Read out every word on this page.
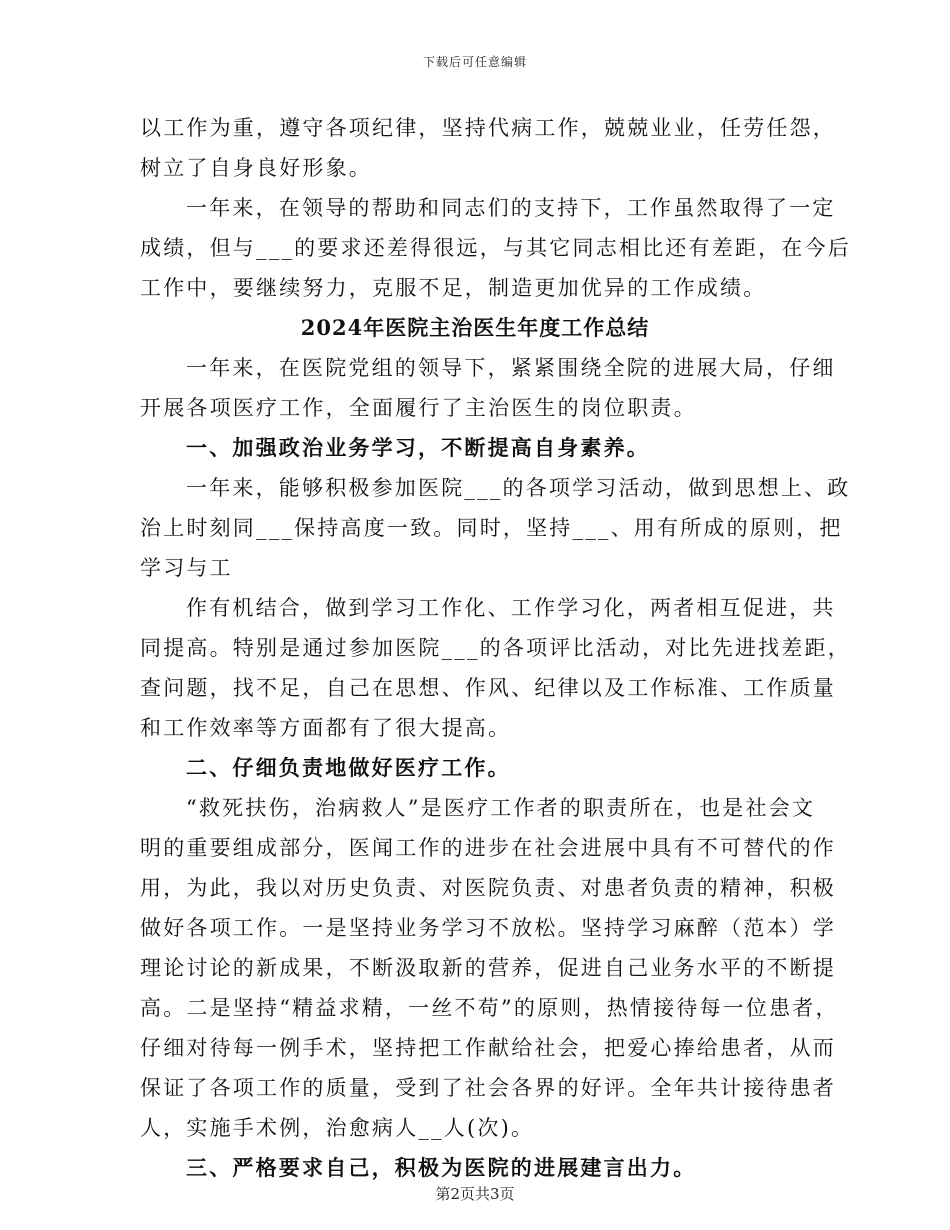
下载后可任意编辑
以工作为重，遵守各项纪律，坚持代病工作，兢兢业业，任劳任怨，
树立了自身良好形象。
一年来，在领导的帮助和同志们的支持下，工作虽然取得了一定
成绩，但与___的要求还差得很远，与其它同志相比还有差距，在今后
工作中，要继续努力，克服不足，制造更加优异的工作成绩。
2024年医院主治医生年度工作总结
一年来，在医院党组的领导下，紧紧围绕全院的进展大局，仔细
开展各项医疗工作，全面履行了主治医生的岗位职责。
一、加强政治业务学习，不断提高自身素养。
一年来，能够积极参加医院___的各项学习活动，做到思想上、政
治上时刻同___保持高度一致。同时，坚持___、用有所成的原则，把
学习与工
作有机结合，做到学习工作化、工作学习化，两者相互促进，共
同提高。特别是通过参加医院___的各项评比活动，对比先进找差距，
查问题，找不足，自己在思想、作风、纪律以及工作标准、工作质量
和工作效率等方面都有了很大提高。
二、仔细负责地做好医疗工作。
“救死扶伤，治病救人”是医疗工作者的职责所在，也是社会文
明的重要组成部分，医闻工作的进步在社会进展中具有不可替代的作
用，为此，我以对历史负责、对医院负责、对患者负责的精神，积极
做好各项工作。一是坚持业务学习不放松。坚持学习麻醉（范本）学
理论讨论的新成果，不断汲取新的营养，促进自己业务水平的不断提
高。二是坚持“精益求精，一丝不苟”的原则，热情接待每一位患者，
仔细对待每一例手术，坚持把工作献给社会，把爱心捧给患者，从而
保证了各项工作的质量，受到了社会各界的好评。全年共计接待患者
人，实施手术例，治愈病人__人(次)。
三、严格要求自己，积极为医院的进展建言出力。
第2页共3页
